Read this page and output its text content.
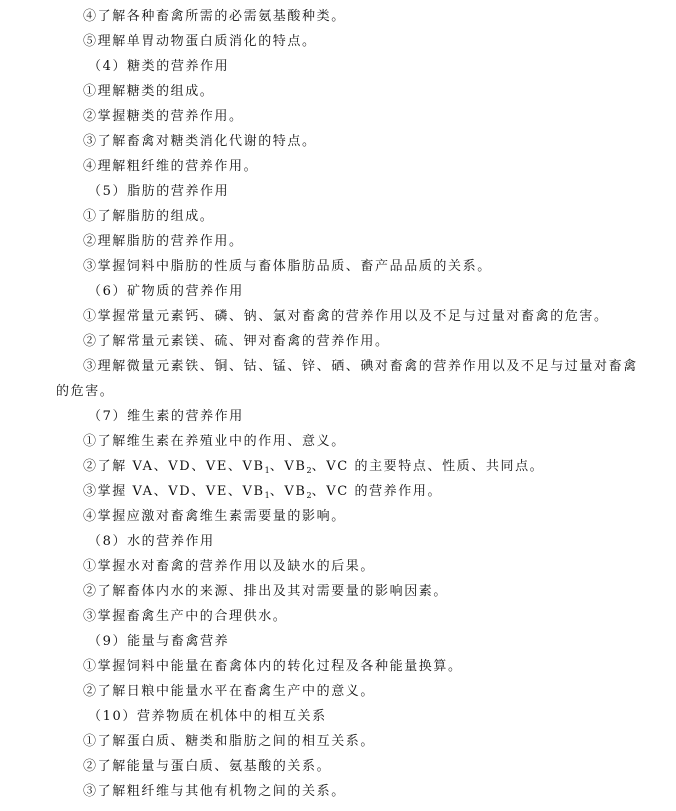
④了解各种畜禽所需的必需氨基酸种类。
⑤理解单胃动物蛋白质消化的特点。
（4）糖类的营养作用
①理解糖类的组成。
②掌握糖类的营养作用。
③了解畜禽对糖类消化代谢的特点。
④理解粗纤维的营养作用。
（5）脂肪的营养作用
①了解脂肪的组成。
②理解脂肪的营养作用。
③掌握饲料中脂肪的性质与畜体脂肪品质、畜产品品质的关系。
（6）矿物质的营养作用
①掌握常量元素钙、磷、钠、氯对畜禽的营养作用以及不足与过量对畜禽的危害。
②了解常量元素镁、硫、钾对畜禽的营养作用。
③理解微量元素铁、铜、钴、锰、锌、硒、碘对畜禽的营养作用以及不足与过量对畜禽
的危害。
（7）维生素的营养作用
①了解维生素在养殖业中的作用、意义。
②了解 VA、VD、VE、$VB_1$、$VB_2$、VC 的主要特点、性质、共同点。
③掌握 VA、VD、VE、$VB_1$、$VB_2$、VC 的营养作用。
④掌握应激对畜禽维生素需要量的影响。
（8）水的营养作用
①掌握水对畜禽的营养作用以及缺水的后果。
②了解畜体内水的来源、排出及其对需要量的影响因素。
③掌握畜禽生产中的合理供水。
（9）能量与畜禽营养
①掌握饲料中能量在畜禽体内的转化过程及各种能量换算。
②了解日粮中能量水平在畜禽生产中的意义。
（10）营养物质在机体中的相互关系
①了解蛋白质、糖类和脂肪之间的相互关系。
②了解能量与蛋白质、氨基酸的关系。
③了解粗纤维与其他有机物之间的关系。
